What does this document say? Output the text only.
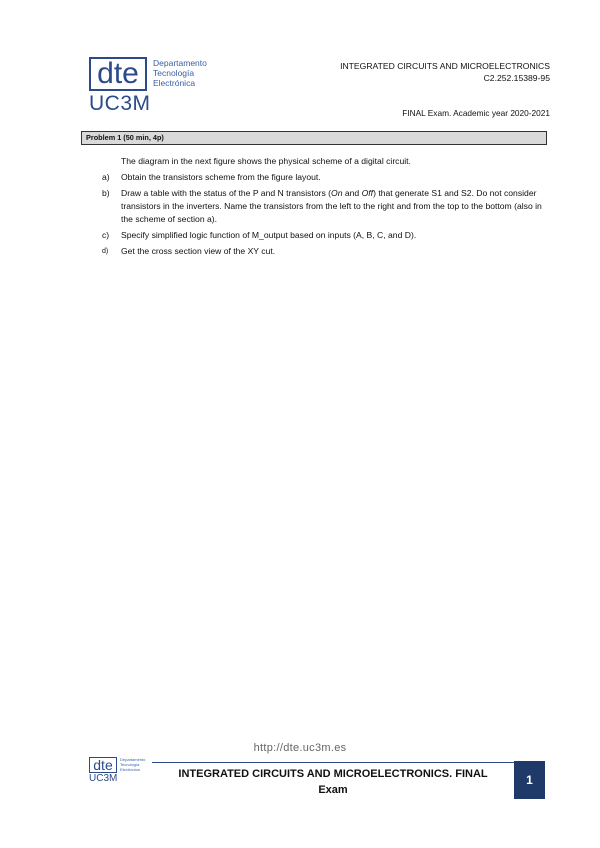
dte
UC3M
Departamento
Tecnología
Electrónica
INTEGRATED CIRCUITS AND MICROELECTRONICS
C2.252.15389-95
FINAL Exam. Academic year 2020-2021
Problem 1 (50 min, 4p)
The diagram in the next figure shows the physical scheme of a digital circuit.
a)	Obtain the transistors scheme from the figure layout.
b)	Draw a table with the status of the P and N transistors (On and Off) that generate S1 and S2. Do not consider transistors in the inverters. Name the transistors from the left to the right and from the top to the bottom (also in the scheme of section a).
c)	Specify simplified logic function of M_output based on inputs (A, B, C, and D).
d)	Get the cross section view of the XY cut.
http://dte.uc3m.es
dte
UC3M
Departamento
Tecnología
Electrónica	INTEGRATED CIRCUITS AND MICROELECTRONICS. FINAL
Exam
1
